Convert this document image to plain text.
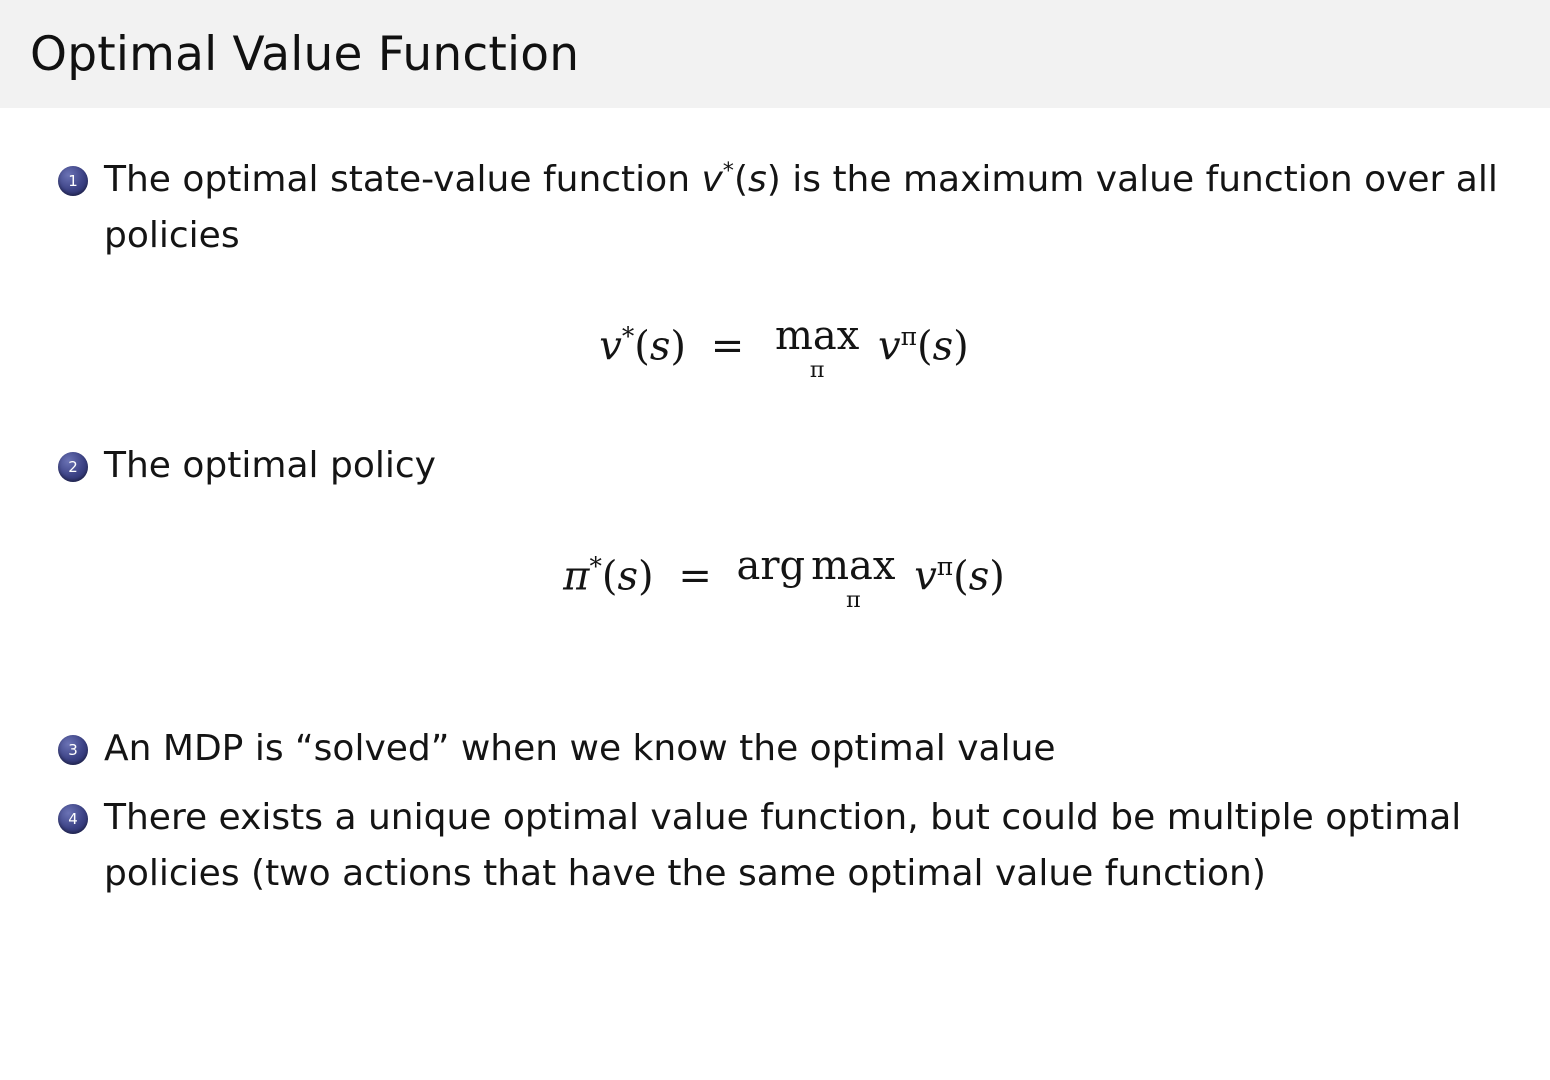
Optimal Value Function
1 The optimal state-value function v*(s) is the maximum value function over all policies
v*(s) = max
π
$v^\pi(s)$
2 The optimal policy
π*(s) = arg max
π
$v^\pi(s)$
3 An MDP is “solved” when we know the optimal value
4 There exists a unique optimal value function, but could be multiple optimal policies (two actions that have the same optimal value function)
